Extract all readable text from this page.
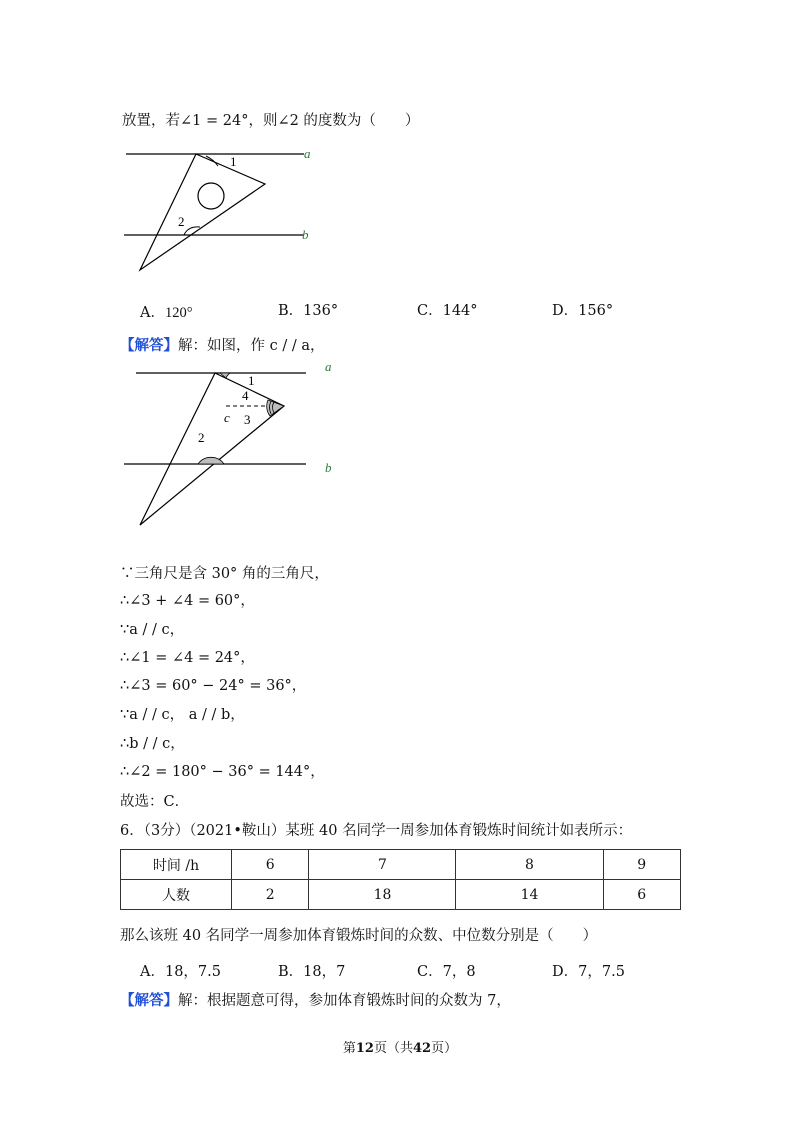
放置，若∠1 = 24°，则∠2 的度数为（　　）
1
2
a
b
A．120°	B．136°	C．144°	D．156°
【解答】解：如图，作 c / / a，
1
4
c 3
2
a
b
∵三角尺是含 30° 角的三角尺，
∴∠3 + ∠4 = 60°，
∵a / / c，
∴∠1 = ∠4 = 24°，
∴∠3 = 60° − 24° = 36°，
∵a / / c， a / / b，
∴b / / c，
∴∠2 = 180° − 36° = 144°，
故选：C．
6．（3分）（2021•鞍山）某班 40 名同学一周参加体育锻炼时间统计如表所示：
时间 /h	6	7	8	9
人数	2	18	14	6
那么该班 40 名同学一周参加体育锻炼时间的众数、中位数分别是（　　）
A．18，7.5	B．18，7	C．7，8	D．7，7.5
【解答】解：根据题意可得，参加体育锻炼时间的众数为 7，
第12页（共42页）
